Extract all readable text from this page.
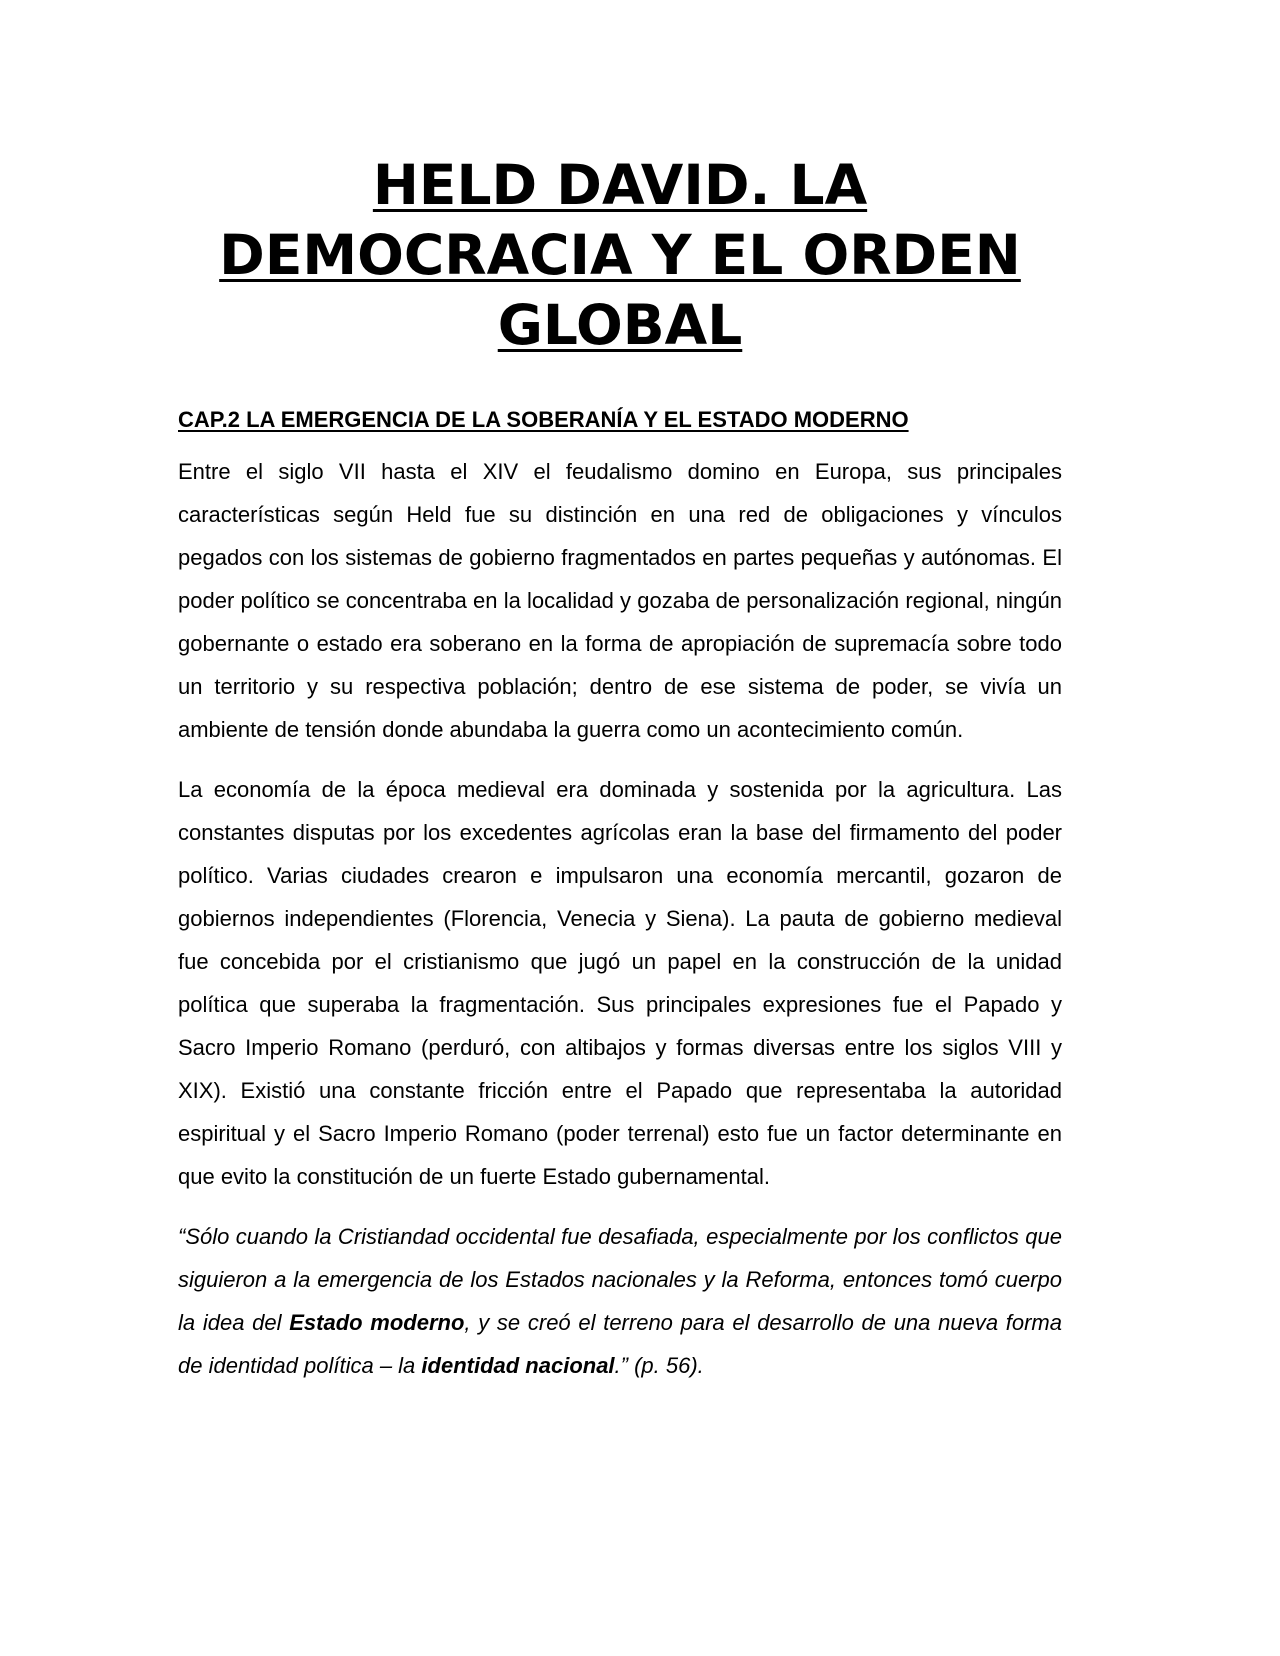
HELD DAVID. LA DEMOCRACIA Y EL ORDEN GLOBAL
CAP.2 LA EMERGENCIA DE LA SOBERANÍA Y EL ESTADO MODERNO

Entre el siglo VII hasta el XIV el feudalismo domino en Europa, sus principales características según Held fue su distinción en una red de obligaciones y vínculos pegados con los sistemas de gobierno fragmentados en partes pequeñas y autónomas. El poder político se concentraba en la localidad y gozaba de personalización regional, ningún gobernante o estado era soberano en la forma de apropiación de supremacía sobre todo un territorio y su respectiva población; dentro de ese sistema de poder, se vivía un ambiente de tensión donde abundaba la guerra como un acontecimiento común.

La economía de la época medieval era dominada y sostenida por la agricultura. Las constantes disputas por los excedentes agrícolas eran la base del firmamento del poder político. Varias ciudades crearon e impulsaron una economía mercantil, gozaron de gobiernos independientes (Florencia, Venecia y Siena). La pauta de gobierno medieval fue concebida por el cristianismo que jugó un papel en la construcción de la unidad política que superaba la fragmentación. Sus principales expresiones fue el Papado y Sacro Imperio Romano (perduró, con altibajos y formas diversas entre los siglos VIII y XIX). Existió una constante fricción entre el Papado que representaba la autoridad espiritual y el Sacro Imperio Romano (poder terrenal) esto fue un factor determinante en que evito la constitución de un fuerte Estado gubernamental.

“Sólo cuando la Cristiandad occidental fue desafiada, especialmente por los conflictos que siguieron a la emergencia de los Estados nacionales y la Reforma, entonces tomó cuerpo la idea del Estado moderno, y se creó el terreno para el desarrollo de una nueva forma de identidad política – la identidad nacional.” (p. 56).
